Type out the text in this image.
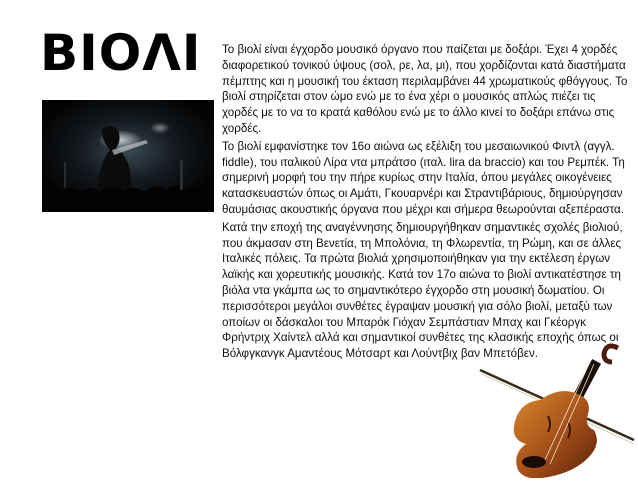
ΒΙΟΛΙ Το βιολί είναι έγχορδο μουσικό όργανο που παίζεται με δοξάρι. Έχει 4 χορδές διαφορετικού τονικού ύψους (σολ, ρε, λα, μι), που χορδίζονται κατά διαστήματα πέμπτης και η μουσική του έκταση περιλαμβάνει 44 χρωματικούς φθόγγους. Το βιολί στηρίζεται στον ώμο ενώ με το ένα χέρι ο μουσικός απλώς πιέζει τις χορδές με το να το κρατά καθόλου ενώ με το άλλο κινεί το δοξάρι επάνω στις χορδές.

Το βιολί εμφανίστηκε τον 16ο αιώνα ως εξέλιξη του μεσαιωνικού Φιντλ (αγγλ. fiddle), του ιταλικού Λίρα ντα μπράτσο (ιταλ. lira da braccio) και του Ρεμπέκ. Τη σημερινή μορφή του την πήρε κυρίως στην Ιταλία, όπου μεγάλες οικογένειες κατασκευαστών όπως οι Αμάτι, Γκουαρνέρι και Στραντιβάριους, δημιούργησαν θαυμάσιας ακουστικής όργανα που μέχρι και σήμερα θεωρούνται αξεπέραστα.

Κατά την εποχή της αναγέννησης δημιουργήθηκαν σημαντικές σχολές βιολιού, που άκμασαν στη Βενετία, τη Μπολόνια, τη Φλωρεντία, τη Ρώμη, και σε άλλες Ιταλικές πόλεις. Τα πρώτα βιολιά χρησιμοποιήθηκαν για την εκτέλεση έργων λαϊκής και χορευτικής μουσικής. Κατά τον 17ο αιώνα το βιολί αντικατέστησε τη βιόλα ντα γκάμπα ως το σημαντικότερο έγχορδο στη μουσική δωματίου. Οι περισσότεροι μεγάλοι συνθέτες έγραψαν μουσική για σόλο βιολί, μεταξύ των οποίων οι δάσκαλοι του Μπαρόκ Γιόχαν Σεμπάστιαν Μπαχ και Γκέοργκ Φρήντριχ Χαίντελ αλλά και σημαντικοί συνθέτες της κλασικής εποχής όπως οι Βόλφγκανγκ Αμαντέους Μότσαρτ και Λούντβιχ βαν Μπετόβεν.
